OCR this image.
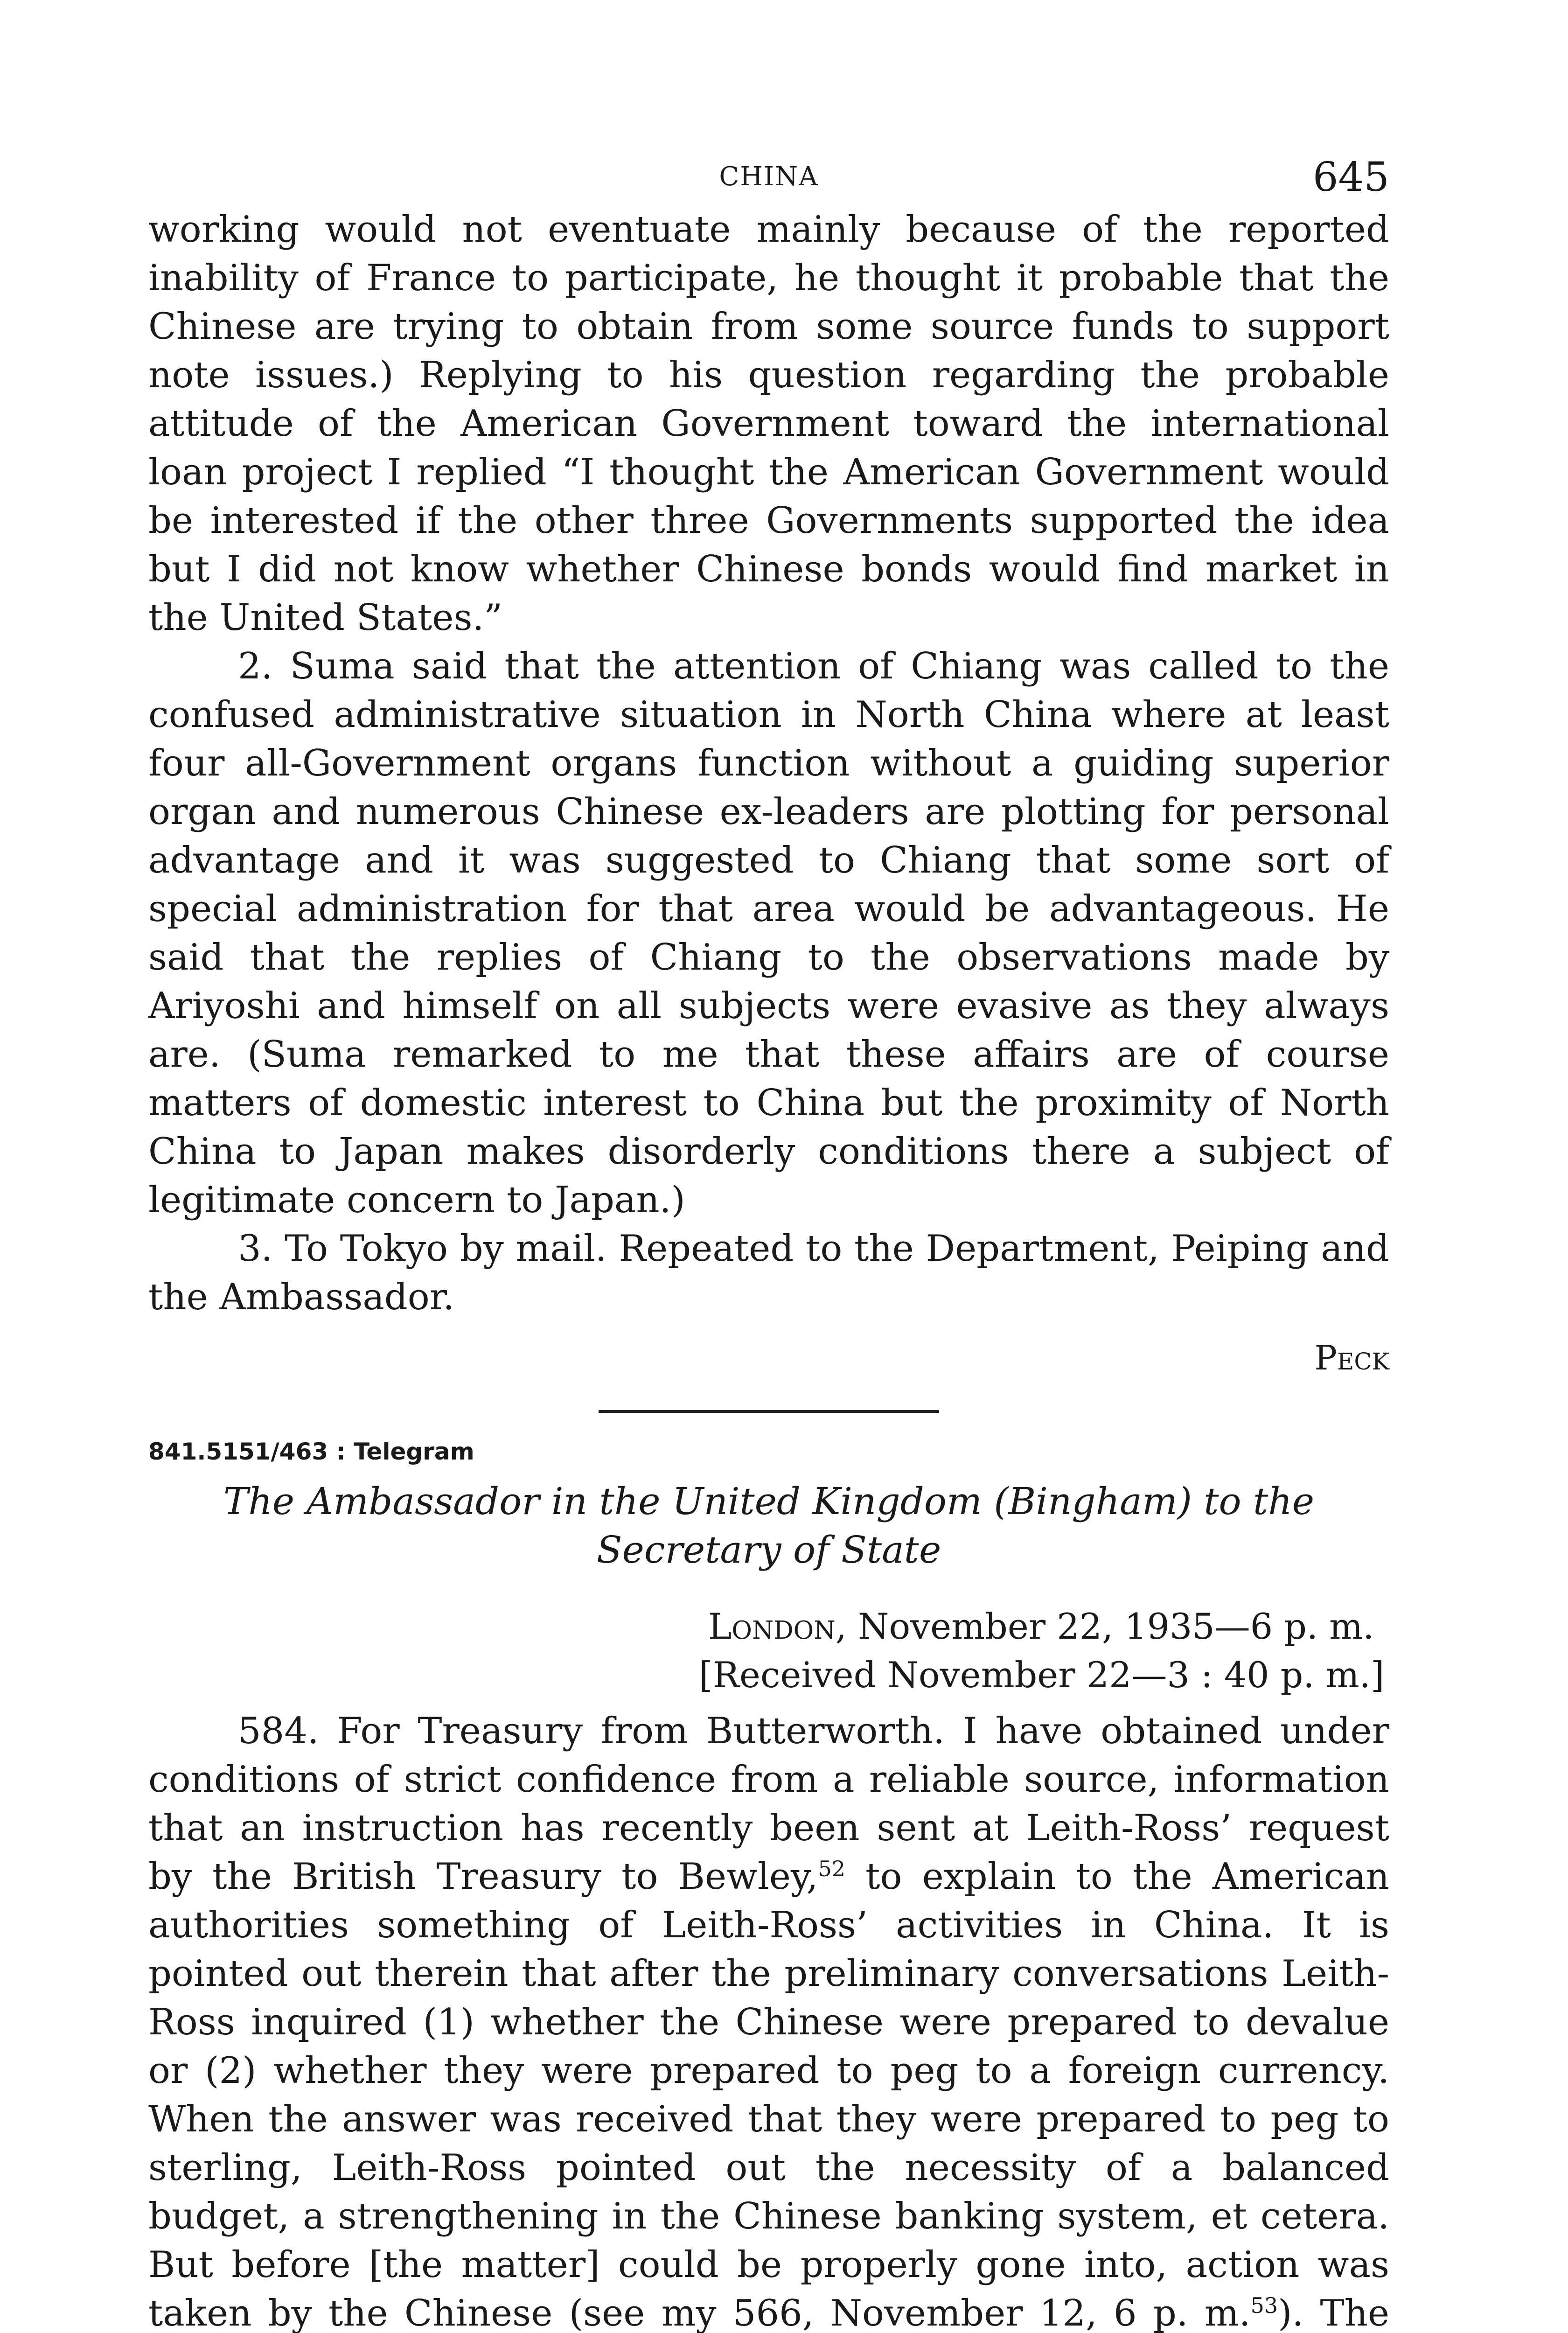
CHINA	645

working would not eventuate mainly because of the reported inability of France to participate, he thought it probable that the Chinese are trying to obtain from some source funds to support note issues.) Replying to his question regarding the probable attitude of the American Government toward the international loan project I replied “I thought the American Government would be interested if the other three Governments supported the idea but I did not know whether Chinese bonds would find market in the United States.”

2. Suma said that the attention of Chiang was called to the confused administrative situation in North China where at least four all-Government organs function without a guiding superior organ and numerous Chinese ex-leaders are plotting for personal advantage and it was suggested to Chiang that some sort of special administration for that area would be advantageous. He said that the replies of Chiang to the observations made by Ariyoshi and himself on all subjects were evasive as they always are. (Suma remarked to me that these affairs are of course matters of domestic interest to China but the proximity of North China to Japan makes disorderly conditions there a subject of legitimate concern to Japan.)

3. To Tokyo by mail. Repeated to the Department, Peiping and the Ambassador.

Peck
841.5151/463 : Telegram
The Ambassador in the United Kingdom (Bingham) to the Secretary of State
London, November 22, 1935—6 p. m.
[Received November 22—3 : 40 p. m.]

584. For Treasury from Butterworth. I have obtained under conditions of strict confidence from a reliable source, information that an instruction has recently been sent at Leith-Ross’ request by the British Treasury to Bewley,$^{52}$ to explain to the American authorities something of Leith-Ross’ activities in China. It is pointed out therein that after the preliminary conversations Leith-Ross inquired (1) whether the Chinese were prepared to devalue or (2) whether they were prepared to peg to a foreign currency. When the answer was received that they were prepared to peg to sterling, Leith-Ross pointed out the necessity of a balanced budget, a strengthening in the Chinese banking system, et cetera. But before [the matter] could be properly gone into, action was taken by the Chinese (see my 566, November 12, 6 p. m.$^{53}$). The
